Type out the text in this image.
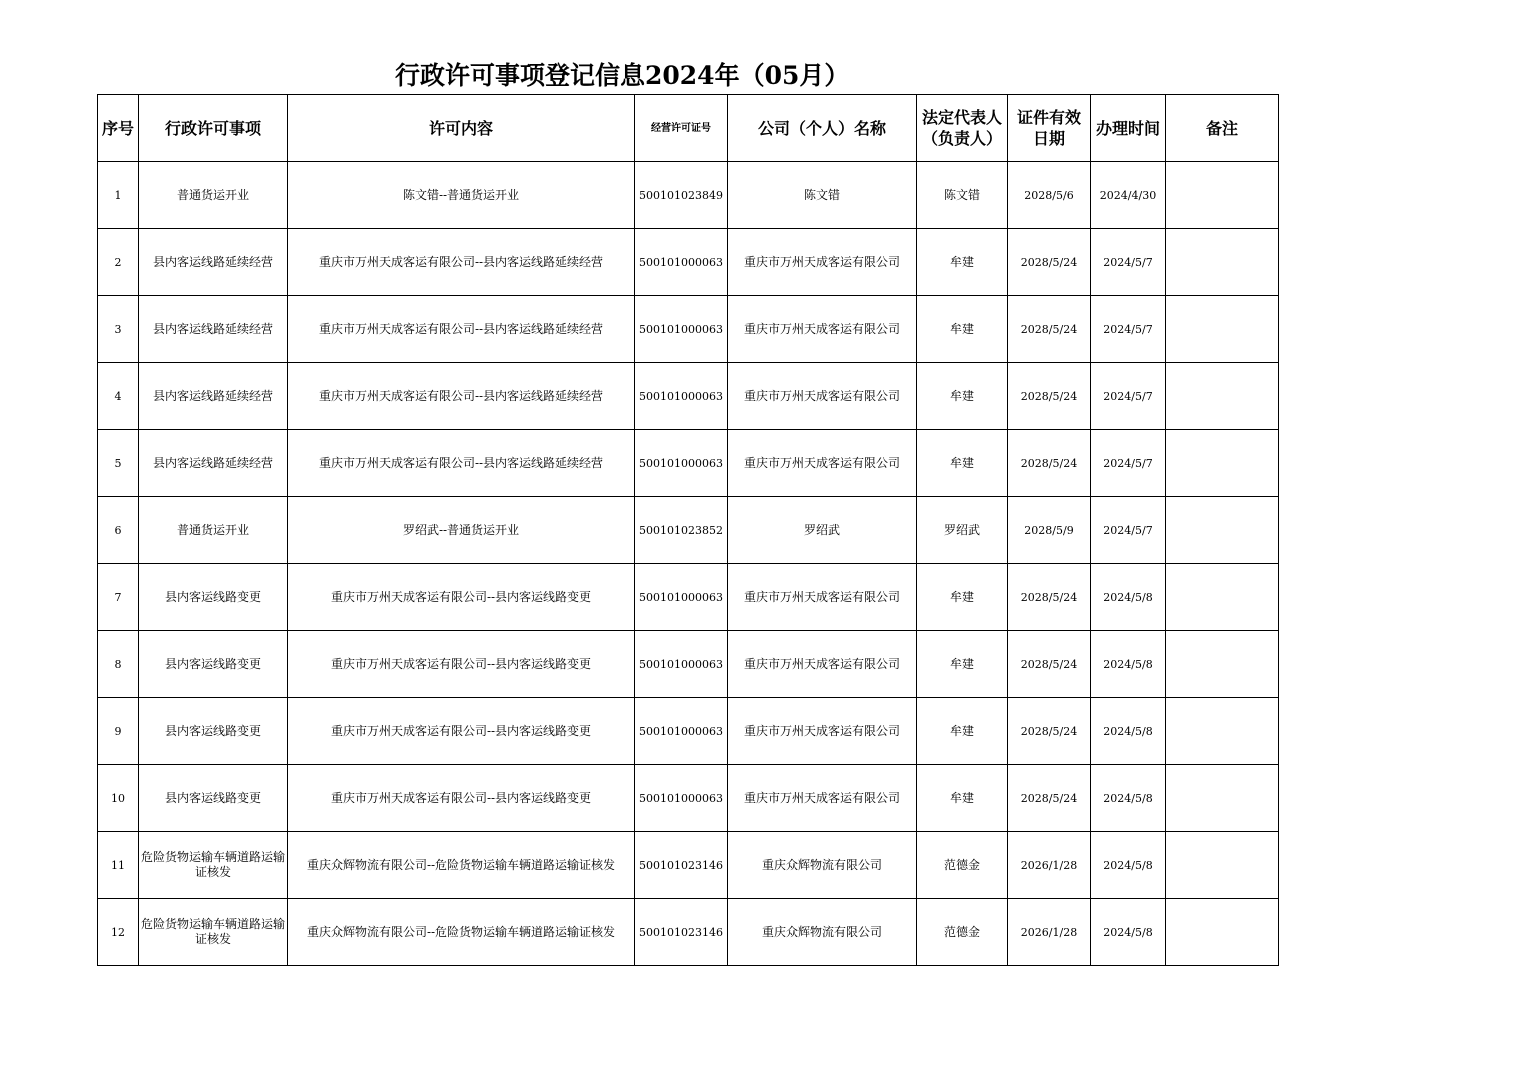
行政许可事项登记信息2024年（05月）
序号	行政许可事项	许可内容	经营许可证号	公司（个人）名称	法定代表人（负责人）	证件有效日期	办理时间	备注
1	普通货运开业	陈文错--普通货运开业	500101023849	陈文错	陈文错	2028/5/6	2024/4/30	
2	县内客运线路延续经营	重庆市万州天成客运有限公司--县内客运线路延续经营	500101000063	重庆市万州天成客运有限公司	牟建	2028/5/24	2024/5/7	
3	县内客运线路延续经营	重庆市万州天成客运有限公司--县内客运线路延续经营	500101000063	重庆市万州天成客运有限公司	牟建	2028/5/24	2024/5/7	
4	县内客运线路延续经营	重庆市万州天成客运有限公司--县内客运线路延续经营	500101000063	重庆市万州天成客运有限公司	牟建	2028/5/24	2024/5/7	
5	县内客运线路延续经营	重庆市万州天成客运有限公司--县内客运线路延续经营	500101000063	重庆市万州天成客运有限公司	牟建	2028/5/24	2024/5/7	
6	普通货运开业	罗绍武--普通货运开业	500101023852	罗绍武	罗绍武	2028/5/9	2024/5/7	
7	县内客运线路变更	重庆市万州天成客运有限公司--县内客运线路变更	500101000063	重庆市万州天成客运有限公司	牟建	2028/5/24	2024/5/8	
8	县内客运线路变更	重庆市万州天成客运有限公司--县内客运线路变更	500101000063	重庆市万州天成客运有限公司	牟建	2028/5/24	2024/5/8	
9	县内客运线路变更	重庆市万州天成客运有限公司--县内客运线路变更	500101000063	重庆市万州天成客运有限公司	牟建	2028/5/24	2024/5/8	
10	县内客运线路变更	重庆市万州天成客运有限公司--县内客运线路变更	500101000063	重庆市万州天成客运有限公司	牟建	2028/5/24	2024/5/8	
11	危险货物运输车辆道路运输证核发	重庆众辉物流有限公司--危险货物运输车辆道路运输证核发	500101023146	重庆众辉物流有限公司	范德金	2026/1/28	2024/5/8	
12	危险货物运输车辆道路运输证核发	重庆众辉物流有限公司--危险货物运输车辆道路运输证核发	500101023146	重庆众辉物流有限公司	范德金	2026/1/28	2024/5/8	
